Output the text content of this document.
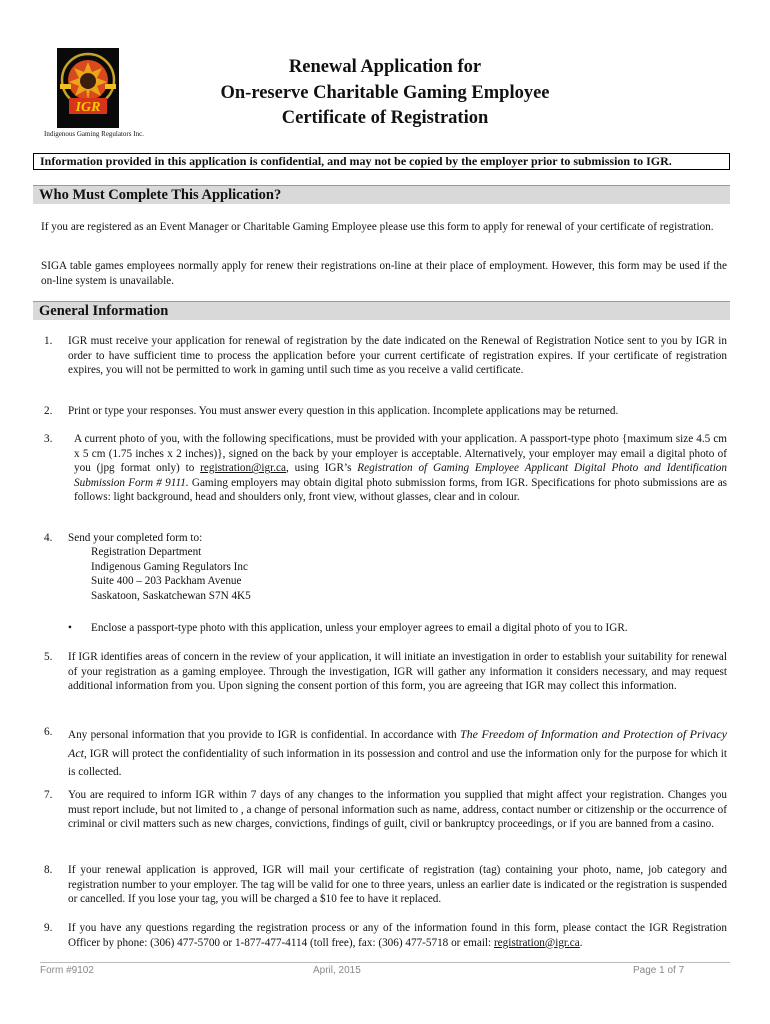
IGR
Indigenous Gaming Regulators Inc.
Renewal Application for
On-reserve Charitable Gaming Employee
Certificate of Registration
Information provided in this application is confidential, and may not be copied by the employer prior to submission to IGR.
Who Must Complete This Application?
If you are registered as an Event Manager or Charitable Gaming Employee please use this form to apply for renewal of your certificate of registration.
SIGA table games employees normally apply for renew their registrations on-line at their place of employment. However, this form may be used if the on-line system is unavailable.
General Information
1. IGR must receive your application for renewal of registration by the date indicated on the Renewal of Registration Notice sent to you by IGR in order to have sufficient time to process the application before your current certificate of registration expires. If your certificate of registration expires, you will not be permitted to work in gaming until such time as you receive a valid certificate.
2. Print or type your responses. You must answer every question in this application. Incomplete applications may be returned.
3. A current photo of you, with the following specifications, must be provided with your application. A passport-type photo {maximum size 4.5 cm x 5 cm (1.75 inches x 2 inches)}, signed on the back by your employer is acceptable. Alternatively, your employer may email a digital photo of you (jpg format only) to registration@igr.ca, using IGR’s Registration of Gaming Employee Applicant Digital Photo and Identification Submission Form # 9111. Gaming employers may obtain digital photo submission forms, from IGR. Specifications for photo submissions are as follows: light background, head and shoulders only, front view, without glasses, clear and in colour.
4. Send your completed form to:
Registration Department
Indigenous Gaming Regulators Inc
Suite 400 – 203 Packham Avenue
Saskatoon, Saskatchewan S7N 4K5
• Enclose a passport-type photo with this application, unless your employer agrees to email a digital photo of you to IGR.
5. If IGR identifies areas of concern in the review of your application, it will initiate an investigation in order to establish your suitability for renewal of your registration as a gaming employee. Through the investigation, IGR will gather any information it considers necessary, and may request additional information from you. Upon signing the consent portion of this form, you are agreeing that IGR may collect this information.
6. Any personal information that you provide to IGR is confidential. In accordance with The Freedom of Information and Protection of Privacy Act, IGR will protect the confidentiality of such information in its possession and control and use the information only for the purpose for which it is collected.
7. You are required to inform IGR within 7 days of any changes to the information you supplied that might affect your registration. Changes you must report include, but not limited to , a change of personal information such as name, address, contact number or citizenship or the occurrence of criminal or civil matters such as new charges, convictions, findings of guilt, civil or bankruptcy proceedings, or if you are banned from a casino.
8. If your renewal application is approved, IGR will mail your certificate of registration (tag) containing your photo, name, job category and registration number to your employer. The tag will be valid for one to three years, unless an earlier date is indicated or the registration is suspended or cancelled. If you lose your tag, you will be charged a $10 fee to have it replaced.
9. If you have any questions regarding the registration process or any of the information found in this form, please contact the IGR Registration Officer by phone: (306) 477-5700 or 1-877-477-4114 (toll free), fax: (306) 477-5718 or email: registration@igr.ca.
Form #9102	April, 2015	Page 1 of 7
